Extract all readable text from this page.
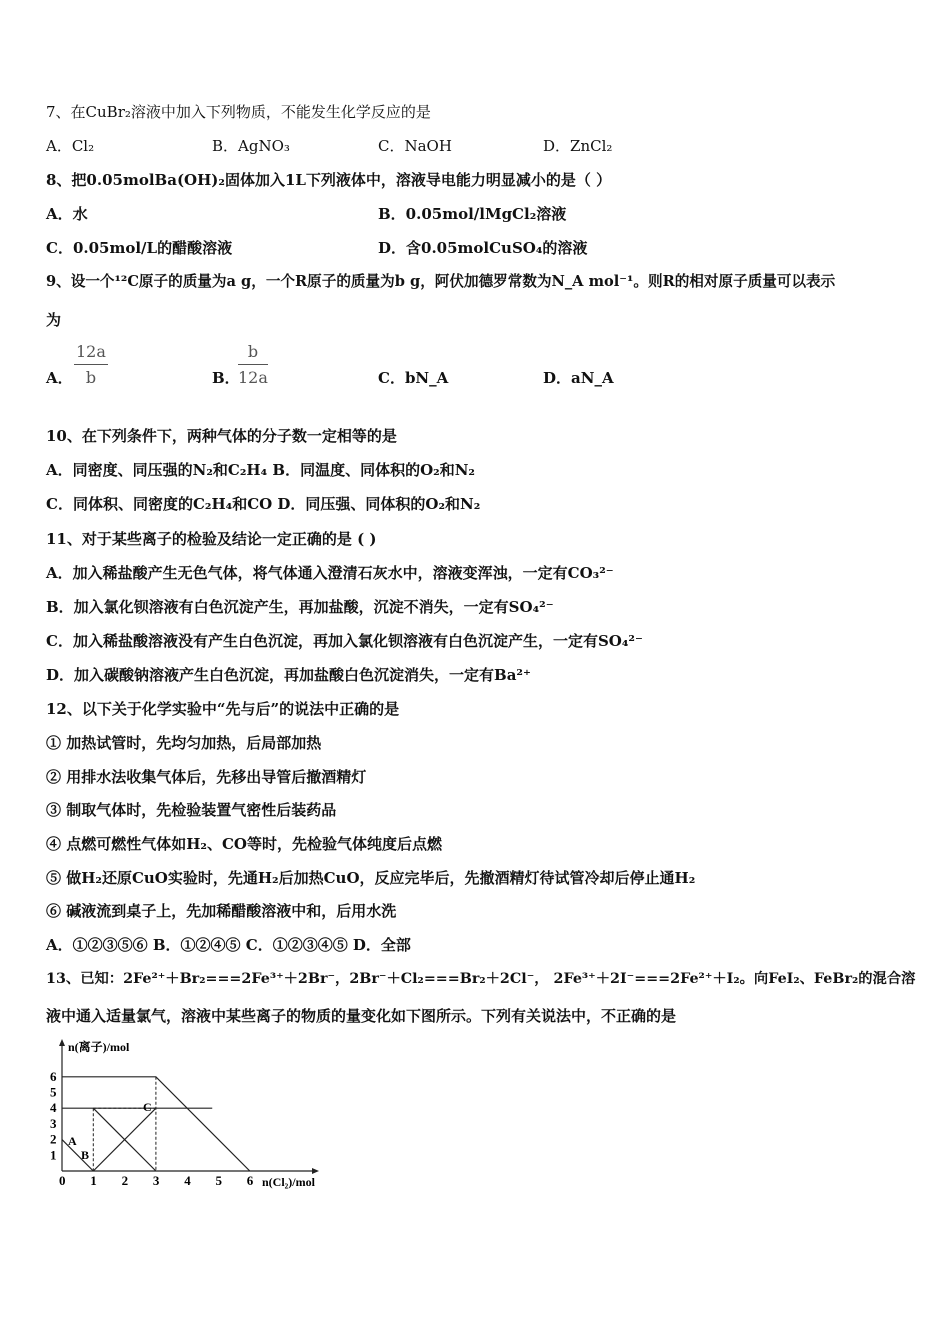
7、在CuBr₂溶液中加入下列物质，不能发生化学反应的是
A．Cl₂	B．AgNO₃	C．NaOH	D．ZnCl₂
8、把0.05molBa(OH)₂固体加入1L下列液体中，溶液导电能力明显减小的是（ ）
A．水	B．0.05mol/lMgCl₂溶液
C．0.05mol/L的醋酸溶液	D．含0.05molCuSO₄的溶液
9、设一个¹²C原子的质量为a g，一个R原子的质量为b g，阿伏加德罗常数为N_A mol⁻¹。则R的相对原子质量可以表示
为
A． $\frac{12a}{b}$	B．
$\frac{b}{12a}$	C．bN_A	D．aN_A
10、在下列条件下，两种气体的分子数一定相等的是
A．同密度、同压强的N₂和C₂H₄ B．同温度、同体积的O₂和N₂
C．同体积、同密度的C₂H₄和CO D．同压强、同体积的O₂和N₂
11、对于某些离子的检验及结论一定正确的是 ( )
A．加入稀盐酸产生无色气体，将气体通入澄清石灰水中，溶液变浑浊，一定有CO₃²⁻
B．加入氯化钡溶液有白色沉淀产生，再加盐酸，沉淀不消失，一定有SO₄²⁻
C．加入稀盐酸溶液没有产生白色沉淀，再加入氯化钡溶液有白色沉淀产生，一定有SO₄²⁻
D．加入碳酸钠溶液产生白色沉淀，再加盐酸白色沉淀消失，一定有Ba²⁺
12、以下关于化学实验中“先与后”的说法中正确的是
① 加热试管时，先均匀加热，后局部加热
② 用排水法收集气体后，先移出导管后撤酒精灯
③ 制取气体时，先检验装置气密性后装药品
④ 点燃可燃性气体如H₂、CO等时，先检验气体纯度后点燃
⑤ 做H₂还原CuO实验时，先通H₂后加热CuO，反应完毕后，先撤酒精灯待试管冷却后停止通H₂
⑥ 碱液流到桌子上，先加稀醋酸溶液中和，后用水洗
A．①②③⑤⑥ B．①②④⑤ C．①②③④⑤ D．全部
13、已知：2Fe²⁺＋Br₂===2Fe³⁺＋2Br⁻，2Br⁻＋Cl₂===Br₂＋2Cl⁻， 2Fe³⁺＋2I⁻===2Fe²⁺＋I₂。向FeI₂、FeBr₂的混合溶
液中通入适量氯气，溶液中某些离子的物质的量变化如下图所示。下列有关说法中，不正确的是
n(离子)/mol
n(Cl₂)/mol
0 1 2 3 4 5 6
1
2
3
4
5
6
A
B
C
